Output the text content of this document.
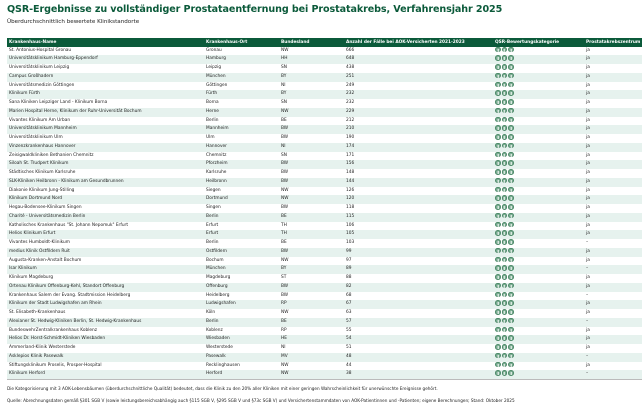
QSR-Ergebnisse zu vollständiger Prostataentfernung bei Prostatakrebs, Verfahrensjahr 2025
Überdurchschnittlich bewertete Klinikstandorte
Krankenhaus-Name	Krankenhaus-Ort	Bundesland	Anzahl der Fälle bei AOK-Versicherten 2021-2023	QSR-Bewertungskategorie	Prostatakrebszentrum
St. Antonius-Hospital Gronau	Gronau	NW	666		ja
Universitätsklinikum Hamburg-Eppendorf	Hamburg	HH	648		ja
Universitätsklinikum Leipzig	Leipzig	SN	438		ja
Campus Großhadern	München	BY	251		ja
Universitätsmedizin Göttingen	Göttingen	NI	249		ja
Klinikum Fürth	Fürth	BY	232		ja
Sana Kliniken Leipziger Land - Klinikum Borna	Borna	SN	232		ja
Marien Hospital Herne, Klinikum der Ruhr-Universität Bochum	Herne	NW	229		ja
Vivantes Klinikum Am Urban	Berlin	BE	212		ja
Universitätsklinikum Mannheim	Mannheim	BW	210		ja
Universitätsklinikum Ulm	Ulm	BW	190		ja
Vinzenzkrankenhaus Hannover	Hannover	NI	174		ja
Zeisigwaldkliniken Bethanien Chemnitz	Chemnitz	SN	171		ja
Siloah St. Trudpert Klinikum	Pforzheim	BW	156		ja
Städtisches Klinikum Karlsruhe	Karlsruhe	BW	148		ja
SLK-Kliniken Heilbronn - Klinikum am Gesundbrunnen	Heilbronn	BW	144		ja
Diakonie Klinikum Jung-Stilling	Siegen	NW	126		ja
Klinikum Dortmund Nord	Dortmund	NW	120		ja
Hegau-Bodensee-Klinikum Singen	Singen	BW	118		ja
Charité - Universitätsmedizin Berlin	Berlin	BE	115		ja
Katholisches Krankenhaus "St. Johann Nepomuk" Erfurt	Erfurt	TH	106		ja
Helios Klinikum Erfurt	Erfurt	TH	105		ja
Vivantes Humboldt-Klinikum	Berlin	BE	103		–
medius Klinik Ostfildern Ruit	Ostfildern	BW	99		ja
Augusta-Kranken-Anstalt Bochum	Bochum	NW	97		ja
Isar Klinikum	München	BY	89		–
Klinikum Magdeburg	Magdeburg	ST	88		ja
Ortenau Klinikum Offenburg-Kehl, Standort Offenburg	Offenburg	BW	82		ja
Krankenhaus Salem der Evang. Stadtmission Heidelberg	Heidelberg	BW	68		–
Klinikum der Stadt Ludwigshafen am Rhein	Ludwigshafen	RP	67		ja
St. Elisabeth-Krankenhaus	Köln	NW	63		ja
Alexianer St. Hedwig-Kliniken Berlin, St. Hedwig-Krankenhaus	Berlin	BE	57		–
BundeswehrZentralkrankenhaus Koblenz	Koblenz	RP	55		ja
Helios Dr. Horst-Schmidt-Kliniken Wiesbaden	Wiesbaden	HE	54		ja
Ammerland-Klinik Westerstede	Westerstede	NI	51		ja
Asklepios Klinik Pasewalk	Pasewalk	MV	48		–
Stiftungsklinikum Proselis, Prosper-Hospital	Recklinghausen	NW	44		ja
Klinikum Herford	Herford	NW	38		–
Die Kategorisierung mit 3 AOK-Lebensbäumen (überdurchschnittliche Qualität) bedeutet, dass die Klinik zu den 20% aller Kliniken mit einer geringen Wahrscheinlichkeit für unerwünschte Ereignisse gehört.
Quelle: Abrechnungsdaten gemäß §301 SGB V (sowie leistungsbereichsabhängig auch §115 SGB V, §295 SGB V und §73c SGB V) und Versichertenstammdaten von AOK-Patientinnen und -Patienten; eigene Berechnungen; Stand: Oktober 2025
